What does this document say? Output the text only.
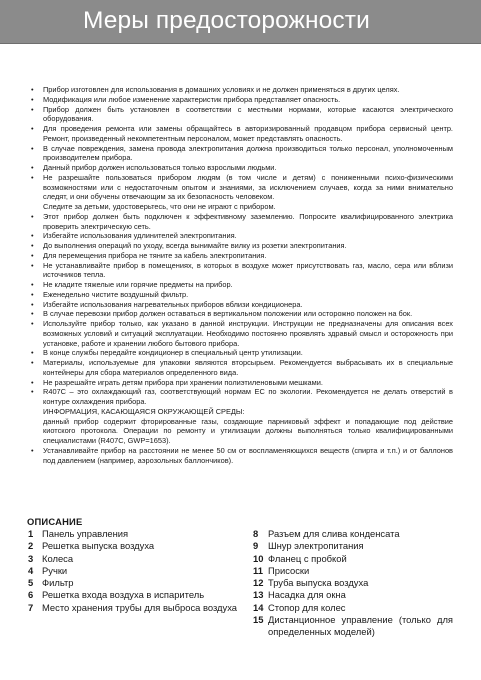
Меры предосторожности
• Прибор изготовлен для использования в домашних условиях и не должен применяться в других целях.
• Модификация или любое изменение характеристик прибора представляет опасность.
• Прибор должен быть установлен в соответствии с местными нормами, которые касаются электрического оборудования.
• Для проведения ремонта или замены обращайтесь в авторизированный продавцом прибора сервисный центр. Ремонт, произведенный некомпетентным персоналом, может представлять опасность.
• В случае повреждения, замена провода электропитания должна производиться только персонал, уполномоченным производителем прибора.
• Данный прибор должен использоваться только взрослыми людьми.
• Не разрешайте пользоваться прибором людям (в том числе и детям) с пониженными психо-физическими возможностями или с недостаточным опытом и знаниями, за исключением случаев, когда за ними внимательно следят, и они обучены отвечающим за их безопасность человеком.
Следите за детьми, удостоверьтесь, что они не играют с прибором.
• Этот прибор должен быть подключен к эффективному заземлению. Попросите квалифицированного электрика проверить электрическую сеть.
• Избегайте использования удлинителей электропитания.
• До выполнения операций по уходу, всегда вынимайте вилку из розетки электропитания.
• Для перемещения прибора не тяните за кабель электропитания.
• Не устанавливайте прибор в помещениях, в которых в воздухе может присутствовать газ, масло, сера или вблизи источников тепла.
• Не кладите тяжелые или горячие предметы на прибор.
• Еженедельно чистите воздушный фильтр.
• Избегайте использования нагревательных приборов вблизи кондиционера.
• В случае перевозки прибор должен оставаться в вертикальном положении или осторожно положен на бок.
• Используйте прибор только, как указано в данной инструкции. Инструкции не предназначены для описания всех возможных условий и ситуаций эксплуатации. Необходимо постоянно проявлять здравый смысл и осторожность при установке, работе и хранении любого бытового прибора.
• В конце службы передайте кондиционер в специальный центр утилизации.
• Материалы, используемые для упаковки являются вторсырьем. Рекомендуется выбрасывать их в специальные контейнеры для сбора материалов определенного вида.
• Не разрешайте играть детям прибора при хранении полиэтиленовыми мешками.
• R407C – это охлаждающий газ, соответствующий нормам ЕС по экологии. Рекомендуется не делать отверстий в контуре охлаждения прибора.
ИНФОРМАЦИЯ, КАСАЮЩАЯСЯ ОКРУЖАЮЩЕЙ СРЕДЫ:
данный прибор содержит фторированные газы, создающие парниковый эффект и попадающие под действие киотского протокола. Операции по ремонту и утилизации должны выполняться только квалифицированными специалистами (R407C, GWP=1653).
• Устанавливайте прибор на расстоянии не менее 50 см от воспламеняющихся веществ (спирта и т.п.) и от баллонов под давлением (например, аэрозольных баллончиков).
ОПИСАНИЕ
1 Панель управления
2 Решетка выпуска воздуха
3 Колеса
4 Ручки
5 Фильтр
6 Решетка входа воздуха в испаритель
7 Место хранения трубы для выброса воздуха
8	Разъем для слива конденсата
9	Шнур электропитания
10 Фланец с пробкой
11 Присоски
12 Труба выпуска воздуха
13 Насадка для окна
14 Стопор для колес
15 Дистанционное управление (только для определенных моделей)
